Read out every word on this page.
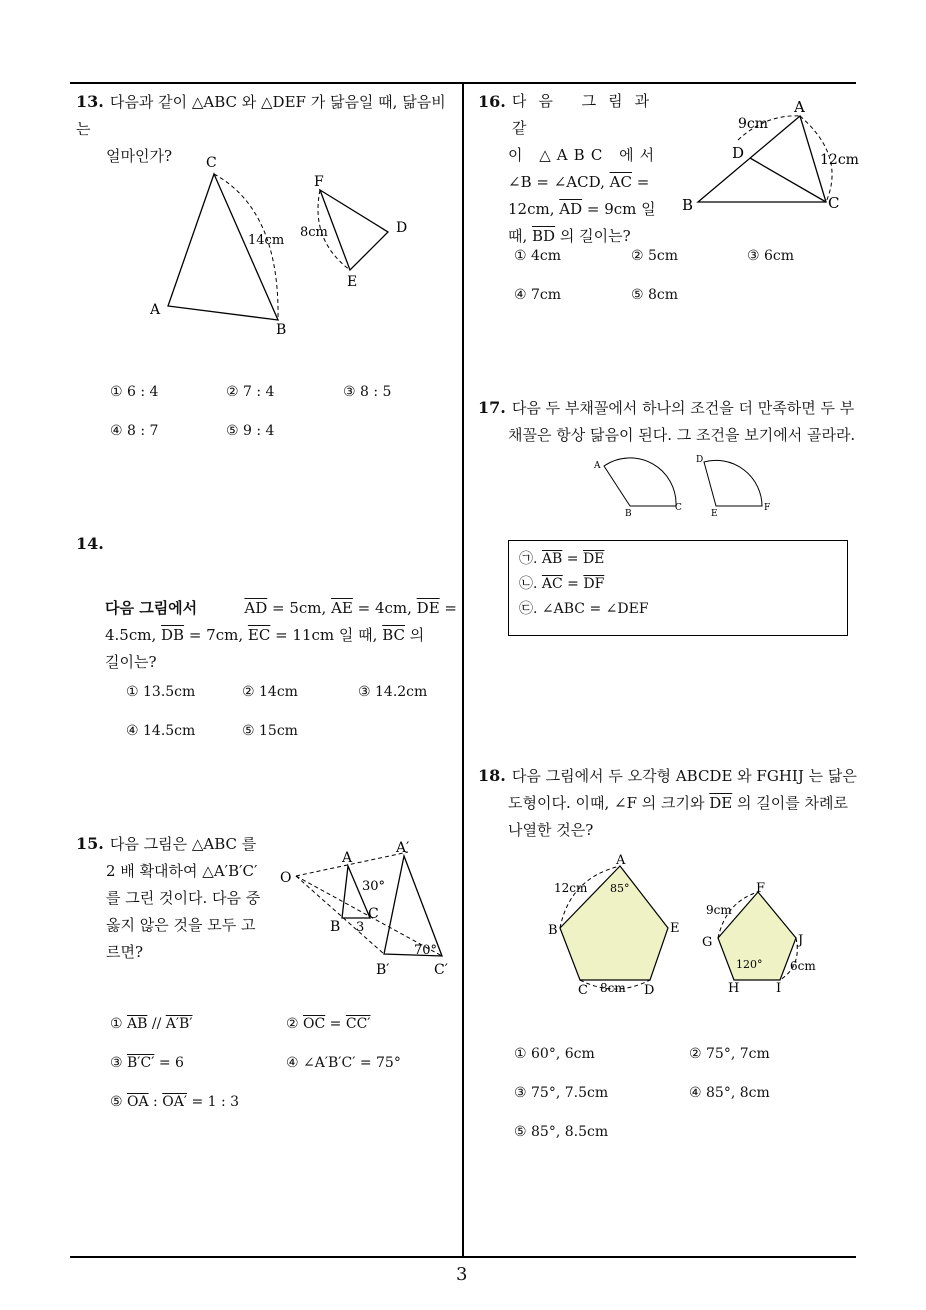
3
13. 다음과 같이 △ABC 와 △DEF 가 닮음일 때, 닮음비는
얼마인가?	C
A
B
14cm
F
D
E
8cm
① 6 : 4	② 7 : 4	③ 8 : 5
④ 8 : 7	⑤ 9 : 4
14.
다음 그림에서	$\overline{AD} = 5cm$, $\overline{AE} = 4cm$, $\overline{DE}$ =
4.5cm, $\overline{DB} = 7cm$, $\overline{EC} = 11cm$ 일 때, $\overline{BC}$ 의
길이는?
① 13.5cm	② 14cm	③ 14.2cm
④ 14.5cm	⑤ 15cm
15. 다음 그림은 △ABC 를
2 배 확대하여 △A′B′C′
를 그린 것이다. 다음 중
옳지 않은 것을 모두 고
르면?
O
A
A′
B
C
B′	C′
30°
70°
3
① $\overline{AB} // A'B'$	② $\overline{OC} = CC'$
③ B′C′ = 6	④ ∠A′B′C′ = 75°
⑤ $\overline{OA}$ : OA′ = 1 : 3
16. 다음 그림과 같
이 △ABC 에서
∠B = ∠ACD, $\overline{AC}$ =
12cm, $\overline{AD} = 9cm$ 일
때, $\overline{BD}$ 의 길이는?
A
B	C
D
9cm
12cm
① 4cm	② 5cm	③ 6cm
④ 7cm	⑤ 8cm
17. 다음 두 부채꼴에서 하나의 조건을 더 만족하면 두 부
채꼴은 항상 닮음이 된다. 그 조건을 보기에서 골라라.
A
B
C
D
E
F
㉠. $\overline{AB} = \overline{DE}$
㉡. $\overline{AC} = \overline{DF}$
㉢. ∠ABC = ∠DEF
18. 다음 그림에서 두 오각형 ABCDE 와 FGHIJ 는 닮은
도형이다. 이때, ∠F 의 크기와 $\overline{DE}$ 의 길이를 차례로
나열한 것은?
A
B
C	D
E
F
G
H	I
J
12cm
8cm
9cm
6cm
85°
120°
① 60°, 6cm	② 75°, 7cm
③ 75°, 7.5cm	④ 85°, 8cm
⑤ 85°, 8.5cm
